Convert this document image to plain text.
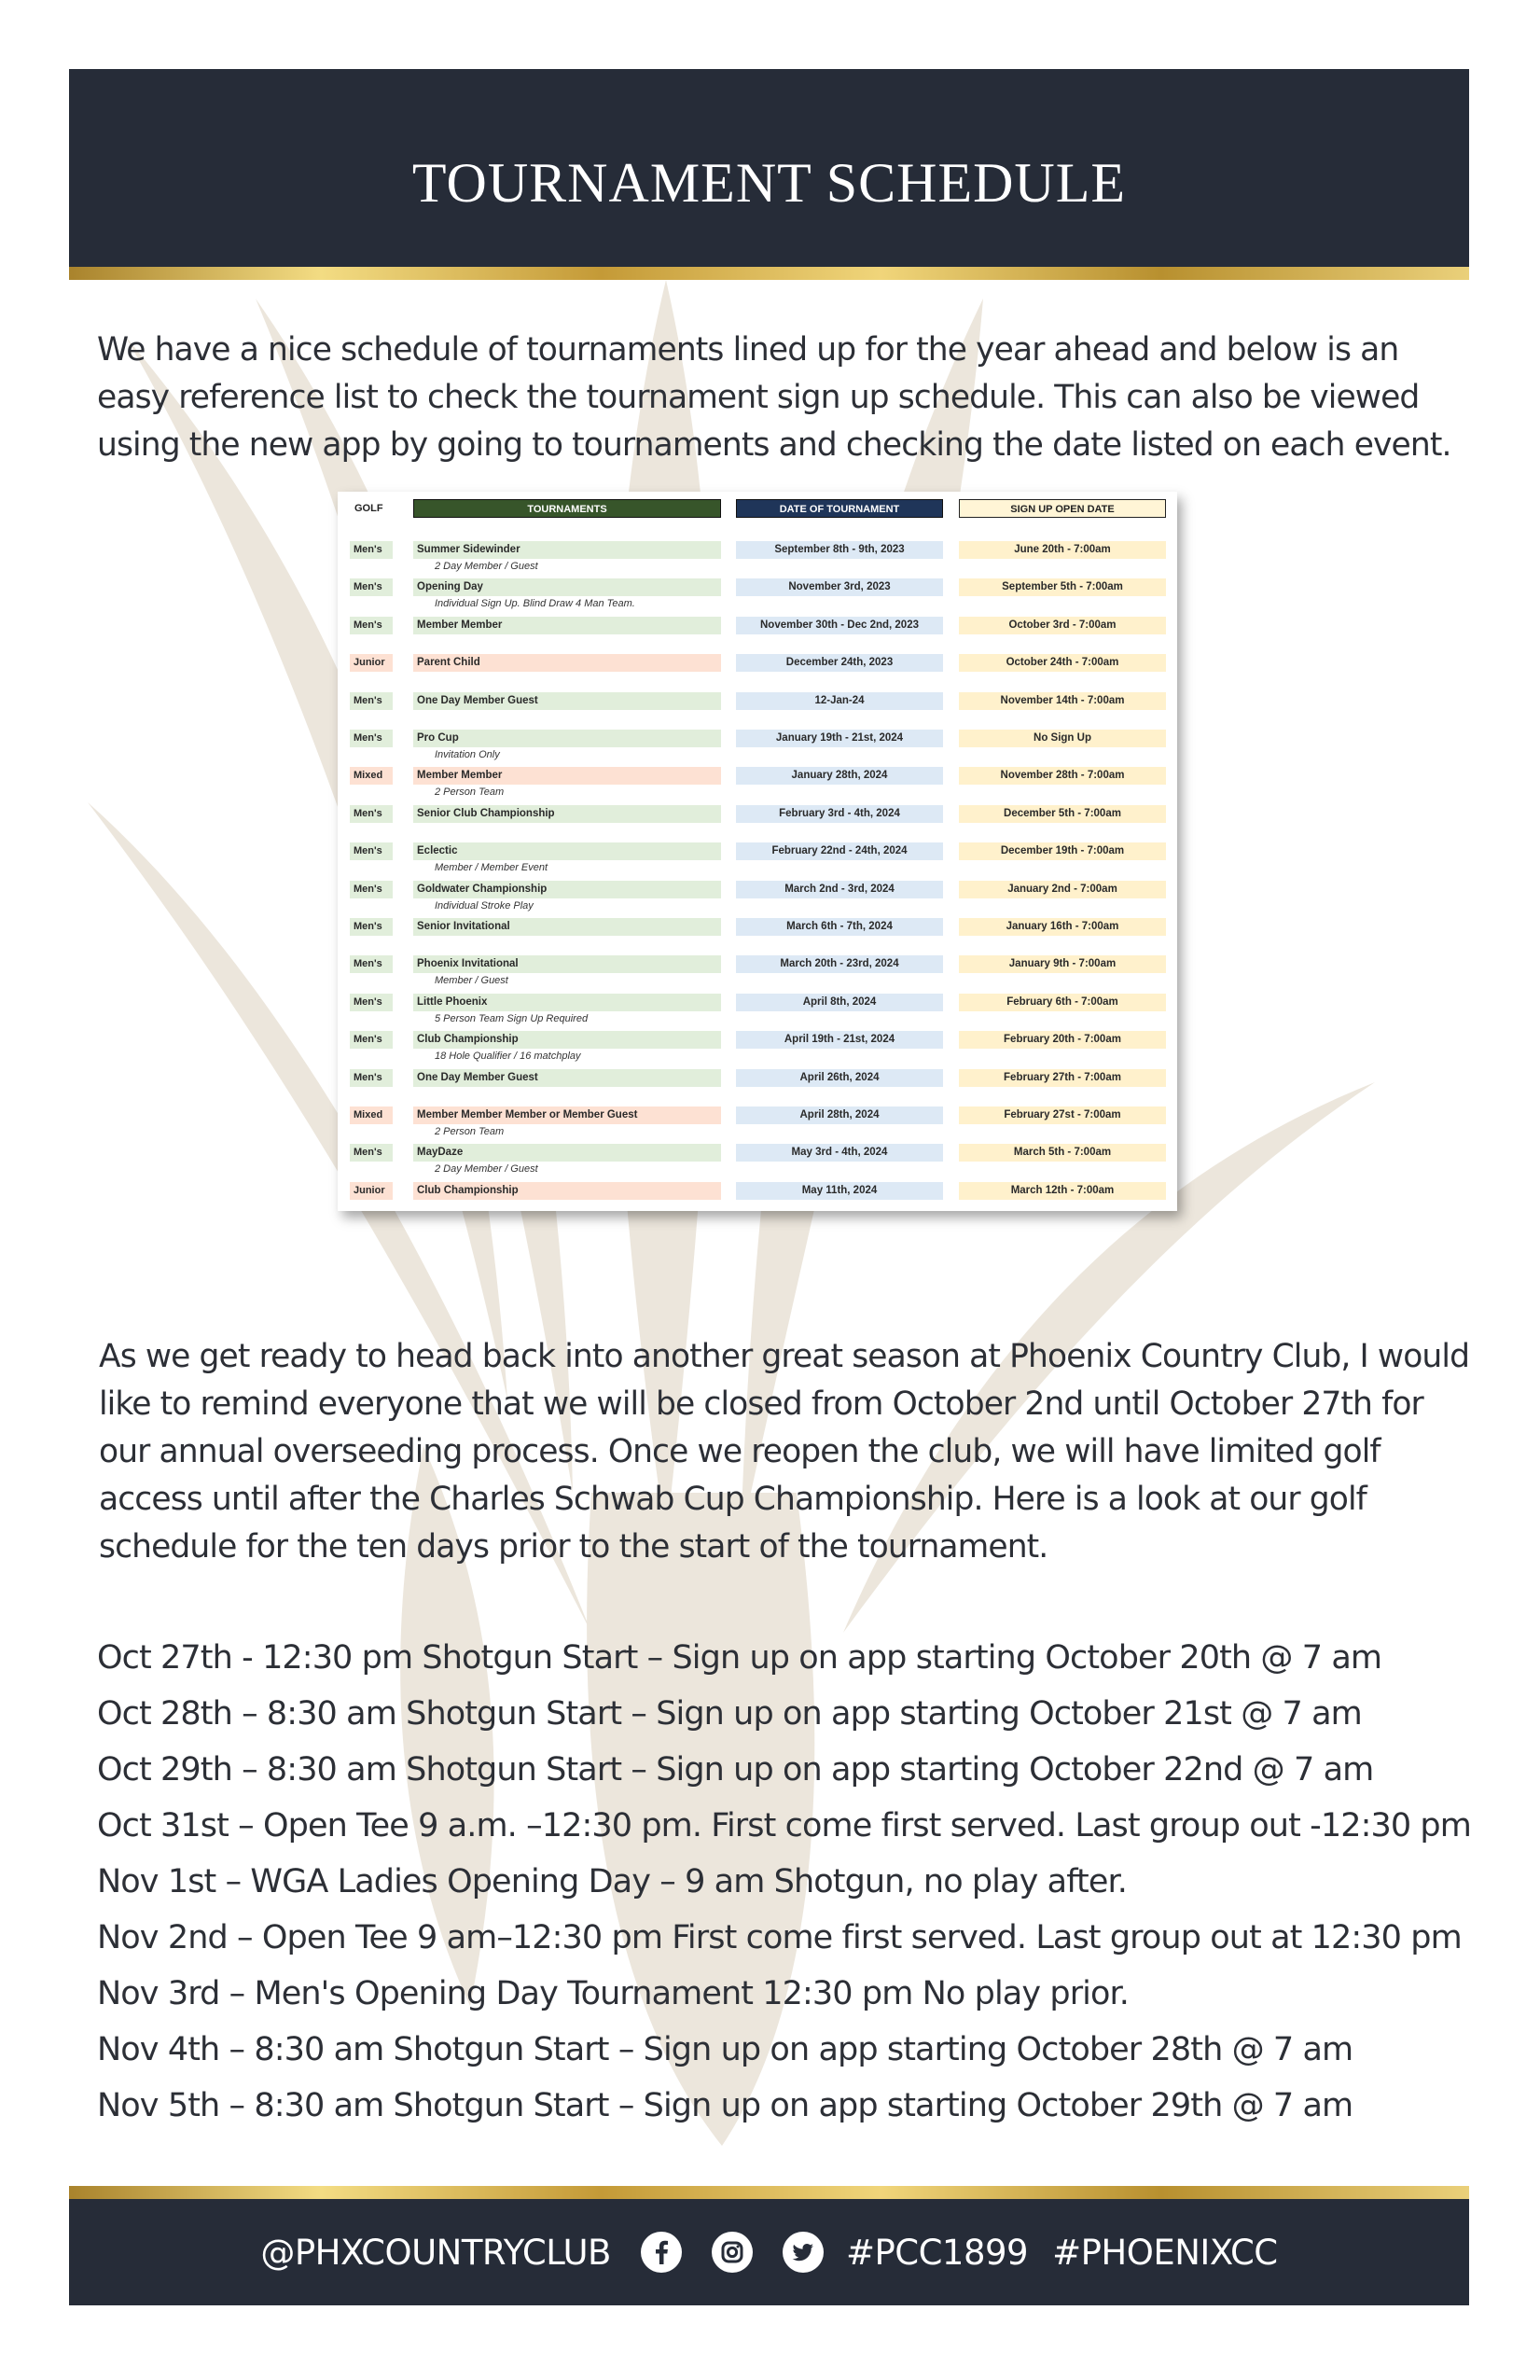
TOURNAMENT SCHEDULE

We have a nice schedule of tournaments lined up for the year ahead and below is an easy reference list to check the tournament sign up schedule. This can also be viewed using the new app by going to tournaments and checking the date listed on each event.

GOLF	TOURNAMENTS	DATE OF TOURNAMENT	SIGN UP OPEN DATE
Men's	Summer Sidewinder	September 8th - 9th, 2023	June 20th - 7:00am
2 Day Member / Guest
Men's	Opening Day	November 3rd, 2023	September 5th - 7:00am
Individual Sign Up. Blind Draw 4 Man Team.
Men's	Member Member	November 30th - Dec 2nd, 2023	October 3rd - 7:00am
Junior	Parent Child	December 24th, 2023	October 24th - 7:00am
Men's	One Day Member Guest	12-Jan-24	November 14th - 7:00am
Men's	Pro Cup	January 19th - 21st, 2024	No Sign Up
Invitation Only
Mixed	Member Member	January 28th, 2024	November 28th - 7:00am
2 Person Team
Men's	Senior Club Championship	February 3rd - 4th, 2024	December 5th - 7:00am
Men's	Eclectic	February 22nd - 24th, 2024	December 19th - 7:00am
Member / Member Event
Men's	Goldwater Championship	March 2nd - 3rd, 2024	January 2nd - 7:00am
Individual Stroke Play
Men's	Senior Invitational	March 6th - 7th, 2024	January 16th - 7:00am
Men's	Phoenix Invitational	March 20th - 23rd, 2024	January 9th - 7:00am
Member / Guest
Men's	Little Phoenix	April 8th, 2024	February 6th - 7:00am
5 Person Team Sign Up Required
Men's	Club Championship	April 19th - 21st, 2024	February 20th - 7:00am
18 Hole Qualifier / 16 matchplay
Men's	One Day Member Guest	April 26th, 2024	February 27th - 7:00am
Mixed	Member Member Member or Member Guest	April 28th, 2024	February 27st - 7:00am
2 Person Team
Men's	MayDaze	May 3rd - 4th, 2024	March 5th - 7:00am
2 Day Member / Guest
Junior	Club Championship	May 11th, 2024	March 12th - 7:00am

As we get ready to head back into another great season at Phoenix Country Club, I would like to remind everyone that we will be closed from October 2nd until October 27th for our annual overseeding process. Once we reopen the club, we will have limited golf access until after the Charles Schwab Cup Championship. Here is a look at our golf schedule for the ten days prior to the start of the tournament.

Oct 27th - 12:30 pm Shotgun Start – Sign up on app starting October 20th @ 7 am
Oct 28th – 8:30 am Shotgun Start – Sign up on app starting October 21st @ 7 am
Oct 29th – 8:30 am Shotgun Start – Sign up on app starting October 22nd @ 7 am
Oct 31st – Open Tee 9 a.m. –12:30 pm. First come first served. Last group out -12:30 pm
Nov 1st – WGA Ladies Opening Day – 9 am Shotgun, no play after.
Nov 2nd – Open Tee 9 am–12:30 pm First come first served. Last group out at 12:30 pm
Nov 3rd – Men's Opening Day Tournament 12:30 pm No play prior.
Nov 4th – 8:30 am Shotgun Start – Sign up on app starting October 28th @ 7 am
Nov 5th – 8:30 am Shotgun Start – Sign up on app starting October 29th @ 7 am
@PHXCOUNTRYCLUB	#PCC1899 #PHOENIXCC
